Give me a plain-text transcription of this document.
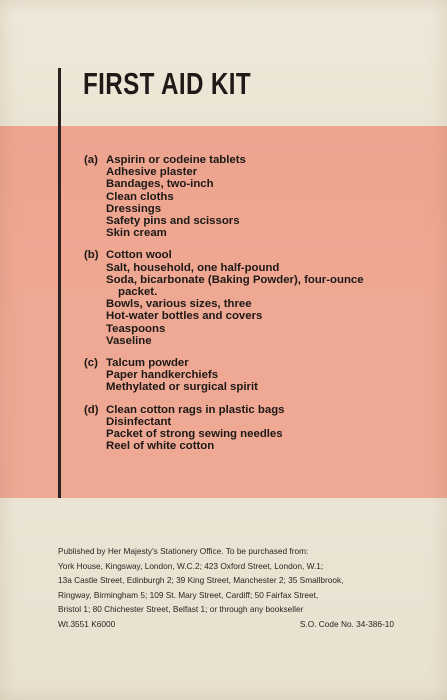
FIRST AID KIT
(a) Aspirin or codeine tablets
Adhesive plaster
Bandages, two-inch
Clean cloths
Dressings
Safety pins and scissors
Skin cream
(b) Cotton wool
Salt, household, one half-pound
Soda, bicarbonate (Baking Powder), four-ounce
packet.
Bowls, various sizes, three
Hot-water bottles and covers
Teaspoons
Vaseline
(c) Talcum powder
Paper handkerchiefs
Methylated or surgical spirit
(d) Clean cotton rags in plastic bags
Disinfectant
Packet of strong sewing needles
Reel of white cotton
Published by Her Majesty's Stationery Office. To be purchased from:
York House, Kingsway, London, W.C.2; 423 Oxford Street, London, W.1;
13a Castle Street, Edinburgh 2; 39 King Street, Manchester 2; 35 Smallbrook,
Ringway, Birmingham 5; 109 St. Mary Street, Cardiff; 50 Fairfax Street,
Bristol 1; 80 Chichester Street, Belfast 1; or through any bookseller
Wt.3551 K6000	S.O. Code No. 34-386-10
